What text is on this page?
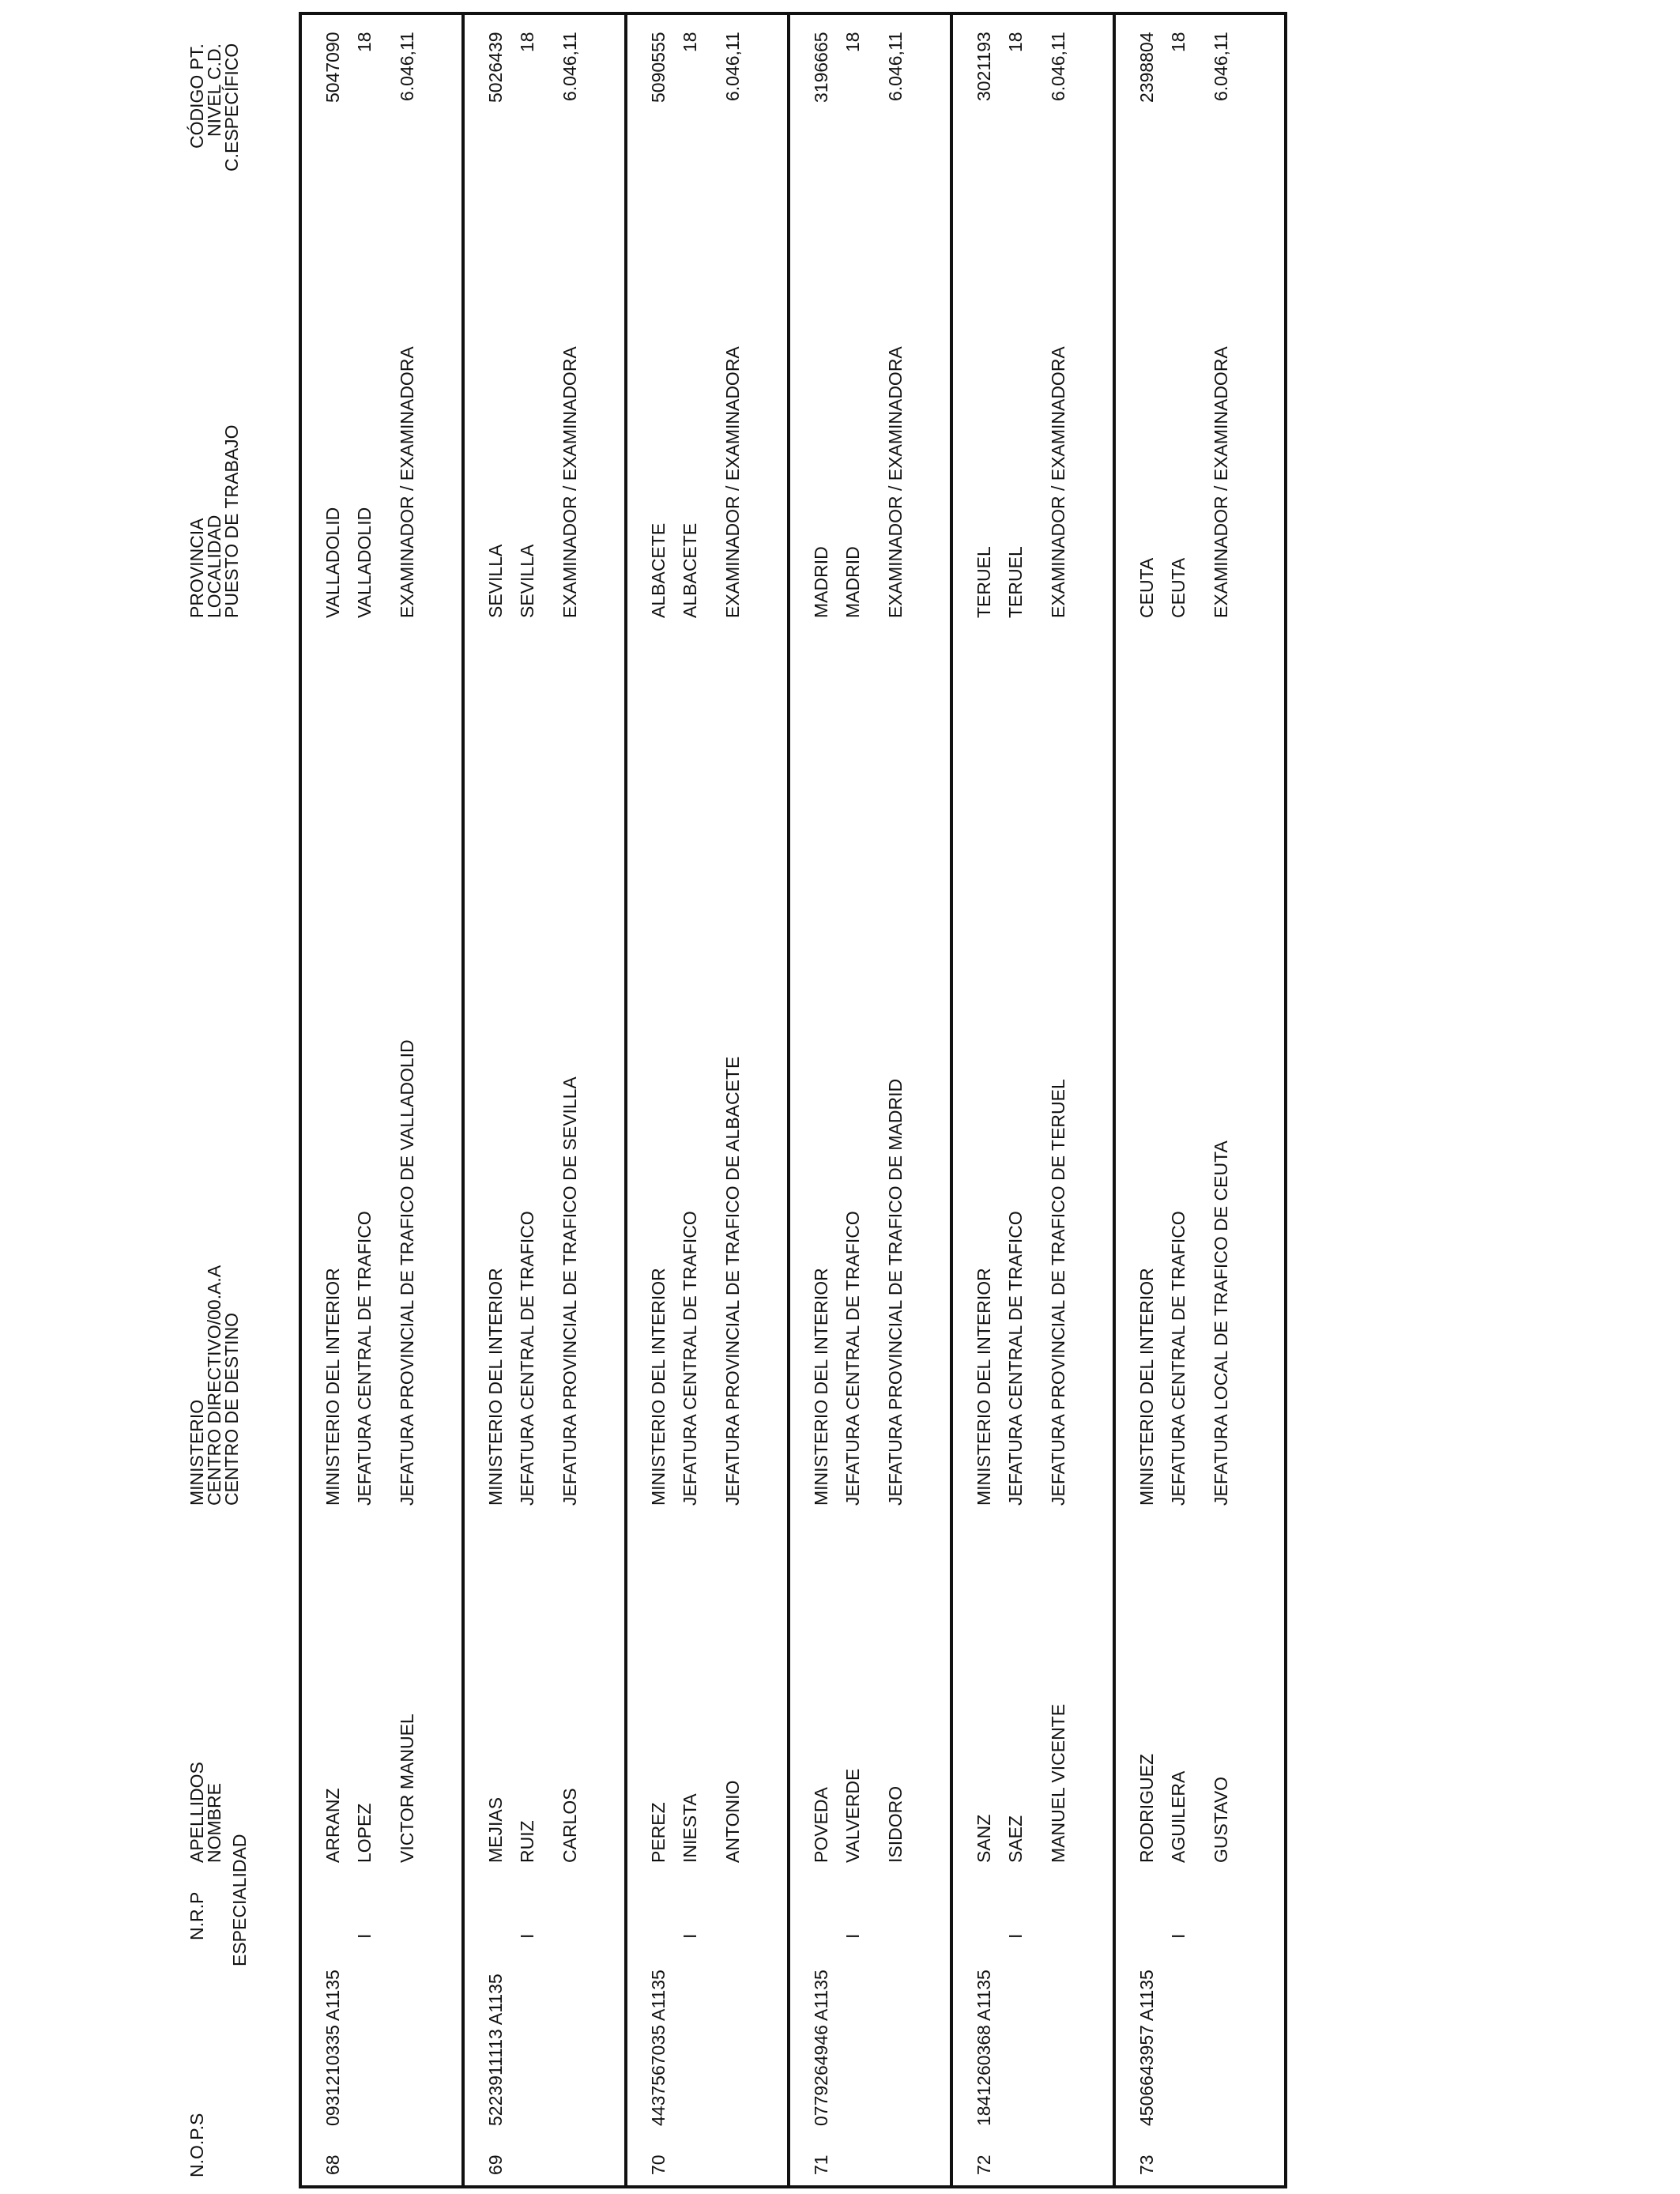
N.O.P.S
N.R.P ESPECIALIDAD
APELLIDOS
NOMBRE
MINISTERIO
CENTRO DIRECTIVO/00.A.A
CENTRO DE DESTINO
PROVINCIA
LOCALIDAD
PUESTO DE TRABAJO
CÓDIGO PT.
NIVEL C.D.
C.ESPECÍFICO
68
0931210335 A1135
I
ARRANZ LOPEZ VICTOR MANUEL
MINISTERIO DEL INTERIOR JEFATURA CENTRAL DE TRAFICO JEFATURA PROVINCIAL DE TRAFICO DE VALLADOLID
VALLADOLID VALLADOLID EXAMINADOR / EXAMINADORA
5047090 18 6.046,11
69
5223911113 A1135
I
MEJIAS RUIZ CARLOS
MINISTERIO DEL INTERIOR JEFATURA CENTRAL DE TRAFICO JEFATURA PROVINCIAL DE TRAFICO DE SEVILLA
SEVILLA SEVILLA EXAMINADOR / EXAMINADORA
5026439 18 6.046,11
70
4437567035 A1135
I
PEREZ INIESTA ANTONIO
MINISTERIO DEL INTERIOR JEFATURA CENTRAL DE TRAFICO JEFATURA PROVINCIAL DE TRAFICO DE ALBACETE
ALBACETE ALBACETE EXAMINADOR / EXAMINADORA
5090555 18 6.046,11
71
0779264946 A1135
I
POVEDA VALVERDE ISIDORO
MINISTERIO DEL INTERIOR JEFATURA CENTRAL DE TRAFICO JEFATURA PROVINCIAL DE TRAFICO DE MADRID
MADRID MADRID EXAMINADOR / EXAMINADORA
3196665 18 6.046,11
72
1841260368 A1135
I
SANZ SAEZ MANUEL VICENTE
MINISTERIO DEL INTERIOR JEFATURA CENTRAL DE TRAFICO JEFATURA PROVINCIAL DE TRAFICO DE TERUEL
TERUEL TERUEL EXAMINADOR / EXAMINADORA
3021193 18 6.046,11
73
4506643957 A1135
I
RODRIGUEZ AGUILERA GUSTAVO
MINISTERIO DEL INTERIOR JEFATURA CENTRAL DE TRAFICO JEFATURA LOCAL DE TRAFICO DE CEUTA
CEUTA CEUTA EXAMINADOR / EXAMINADORA
2398804 18 6.046,11
